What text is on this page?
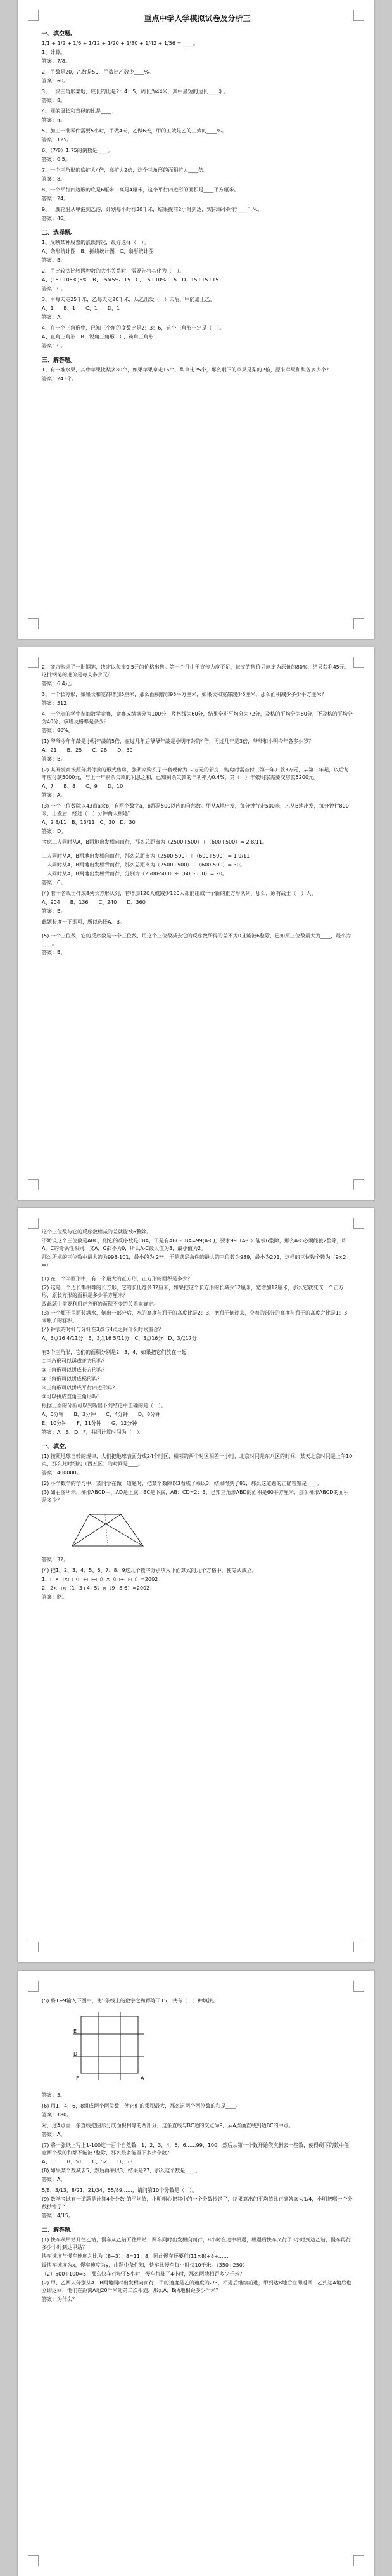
重点中学入学模拟试卷及分析三
一、填空题。
1/1 + 1/2 + 1/6 + 1/12 + 1/20 + 1/30 + 1/42 + 1/56 = ____。
1、计算。
答案：7/8。
2、甲数是20，乙数是50，甲数比乙数少____%。
答案：60。
3、一块三角形菜地，底长的比是2：4：5，周长为44米，其中最短的边长____米。
答案：8。
4、圆的周长和直径的比是____。
答案：π。
5、加工一批零件需要5小时，甲做4天，乙做6天，甲的工效是乙的工效的____%。
答案：125。
6、（7/8）1.75的倒数是____。
答案：0.5。
7、一个三角形的底扩大4倍，高扩大2倍，这个三角形的面积扩大____倍。
答案：8。
8、一个平行四边形的底是6厘米，高是4厘米，这个平行四边形的面积是____平方厘米。
答案：24。
9、一艘轮船从甲港到乙港，计划每小时行30千米，结果提前2小时到达，实际每小时行____千米。
答案：40。
二、选择题。
1、反映某种股票的涨跌情况，最好选择（　）。
A、条形统计图　B、折线统计图　C、扇形统计图
答案：B。
2、用比较法比较两种数的大小关系时，需要先将其化为（　）。
A、(15÷105%)5%　B、15×5%÷15　C、15÷10%÷15　D、15÷15÷15
答案：C。
3、甲每天走25千米，乙每天走20千米，从乙出发（　）天后，甲能追上乙。
A、1　　B、1　　C、1　　D、1
答案：A。
4、在一个三角形中，已知三个角的度数比是2：3：6，这个三角形一定是（　）。
A、直角三角形　B、锐角三角形　C、钝角三角形
答案：C。
三、解答题。
1、有一堆水果，其中苹果比梨多80个，如果苹果拿走15个，梨拿走25个，那么剩下的苹果是梨的2倍，原来苹果和梨各多少个？
答案：241个。
2、商店购进了一批钢笔，决定以每支9.5元的价格出售。第一个月由于宣传力度不足，每支的售价只能定为原价的80%，结果获利45元，这批钢笔的进价是每支多少元？
答案：6.4元。
3、一个长方形，如果长和宽都增加5厘米，那么面积增加95平方厘米，如果长和宽都减少5厘米，那么面积减少多少平方厘米？
答案：512。
4、一个班的学生参加数学竞赛，竞赛成绩满分为100分，及格线为60分，结果全班平均分为72分，及格的平均分为80分，不及格的平均分为40分，该班及格率是多少？
答案：80%。
(1) 爷爷今年年龄是小明年龄的5倍，在过几年后爷爷年龄是小明年龄的4倍，再过几年是3倍，爷爷和小明今年各多少岁？
A、21　　B、25　　C、28　　D、30
答案：B。
(2) 某开发商按照分期付款的形式售房，张明家购买了一套现价为12万元的新房，购房时需首付（第一年）款3万元，从第二年起，以后每年应付款5000元，与上一年剩余欠款的利息之和，已知剩余欠款的年利率为0.4%，第（　）年张明家需要交房款5200元。
A、7　　B、8　　C、9　　D、10
答案：A。
(3) 一个三位数除以43商a余b，有两个数字a，b都是500以内的自然数。甲从A地出发，每分钟行走500米，乙从B地出发，每分钟行800米，出发后，经过（　）分钟两人相遇？
A、2 8/11　B、13/11　C、30　D、30
答案：D。
考虑二人同时从A，B两地出发相向而行，那么总距离为（2500+500）÷（600+500）= 2 8/11。
二人同时从A，B两地出发相向而行，那么总距离为（2500-500）÷（600+500）= 1 9/11
二人同时从A，B两地出发相背而行，那么总距离为（2500+500）÷（600-500）= 30。
二人同时从A，B两地出发相背而行，分别为（2500-500）÷（600-500）= 20。
答案：C。
(4) 若干名战士排成8列长方形队列，若增加120人或减少120人都能组成一个新的正方形队列，那么，原有战士（　）人。
A、904　　B、136　　C、240　　D、360
答案：B。
此题长度一下即可，所以选择A、B。
(5) 一个三位数，它的反序数是一个三位数，用这个三位数减去它的反序数所得的差不为0且能被6整除，已知原三位数最大为____，最小为____。
答案：B。
这个三位数与它的反序数相减的差就能被6整除。
不妨设这个三位数是ABC，则它的反序数是CBA，于是有ABC-CBA=99(A-C)，要求99（A-C）能被6整除，那么A-C必须能被2整除，即A，C的奇偶性相同，又A，C都不为0，所以A-C最大值为8，最小值为2。
那么所求的三位数中最大的为998-101，最小的为 2**，于是满足条件的最大的三位数为989，最小为201，这样的三位数个数为（9×2=）
(1) 在一个半圆形中，有一个最大的正方形，正方形的面积是多少？
(2) 这是一个边长都相等的长方形，它的长比宽多32厘米，如果把这个长方形的长减少12厘米，宽增加12厘米，那么它就变成一个正方形，原长方形的面积是多少平方厘米？
故此题中需要利用正方形的面积不变的关系来确定。
(3) 一个瓶子里面装满水，倒出一部分后，水的高度与瓶子的高度比是2：3，把瓶子倒过来，空着的部分的高度与瓶子的高度之比是1：3，求瓶子的容积。
(4) 钟表的时针与分针在3点与4点之间什么时候重合？
A、3点16 4/11分　B、3点16 5/11分　C、3点16分　D、3点17分
有3个三角形，它们的面积分别是2，3，4，如果把它们放在一起，
①三角形可以拼成正方形吗？
②三角形可以拼成长方形吗？
③三角形可以拼成梯形吗？
④三角形可以拼成平行四边形吗？
⑤可以拼成直角三角形吗？
根据上面的分析可以判断出下列结论中正确的是（　）。
A、0分钟　　B、3分钟　　C、4分钟　　D、8分钟
E、10分钟　　F、11分钟　　G、12分钟
答案：A、B、D、F，共同计算时间为（　）。
一、填空。
(1) 按照地球自转的规律，人们把地球表面分成24个时区，相邻的两个时区相差一小时，北京时间是东八区的时间，某天北京时间是上午10点，那么此时纽约（西五区）的时间是____。
答案：400000。
(2) 小学数学的学习中，某同学在做一道题时，把某个数除以3看成了乘以3，结果得到了81，那么这道题的正确答案是____。
(3) 如右图所示，梯形ABCD中，AD是上底，BC是下底，AB：CD=2：3，已知三角形ABD的面积是60平方厘米，那么梯形ABCD的面积是多少？
答案：32。
(4) 把1、2、3、4、5、6、7、8、9这九个数字分别填入下面算式的九个方格中，使等式成立。
1、□×□×□（□+□+□）×（□+□-□）=2002
2、2×□×（1+3+4+5）×（9+8-6）=2002
答案：略。
(5) 将1~9输入下图中，使5条线上的数字之和都等于15，共有（　）种填法。
E
D
F	A
答案：5。
(6) 用1，4，6，8组成两个两位数，使它们的乘积最大，那么这两个两位数的和是____。
答案：180。
对，过A点画一条直线把图形分成面积相等的两部分，这条直线与BC边的交点为P，从A点画直线到边BC的中点。
答案：A。
(7) 将一张纸上写上1-100这一百个自然数，1，2，3，4，5，6……99，100，然后从第一个数开始依次删去一些数，使得剩下的数中任意两个数的和都不能被7整除，那么最多能留下多少个数？
A、50　　B、51　　C、52　　D、53
(8) 如果某个数减去5，然后再乘以3，结果是27，那么这个数是____。
答案：A。
5/8，3/13，8/21，21/34，55/89……，请问第10个分数是（　）。
(9) 数学考试有一道题是计算4个分数 的平均值，小明粗心把其中的一个分数抄错了，结果算出的平均值比正确答案大1/4，小明把哪一个分数抄错了？
答案：4/15。
二、解答题。
(1) 快车从甲站开往乙站，慢车从乙站开往甲站，两车同时出发相向而行，8小时在途中相遇，相遇后快车又行了3小时到达乙站，慢车再行多少小时到达甲站？
快车速度与慢车速度之比为（8+3）：8=11：8，因此慢车还要行(11×8)÷8÷……
设快车速度为x，慢车速度为y，由题中条件知，快车比慢车每小时快10千米。（350÷250）
（2）500÷100=5，那么快车行驶了5小时，慢车行驶了4小时，那么两地相距多少千米？
(2) 甲、乙两人分别从A、B两地同时出发相向而行，甲的速度是乙的速度的2/3，相遇后继续前进，甲到达B地后立即返回，乙到达A地后也立即返回，他们在距离A地20千米处第二次相遇，那么A、B两地相距多少千米？
答案：为什么？
